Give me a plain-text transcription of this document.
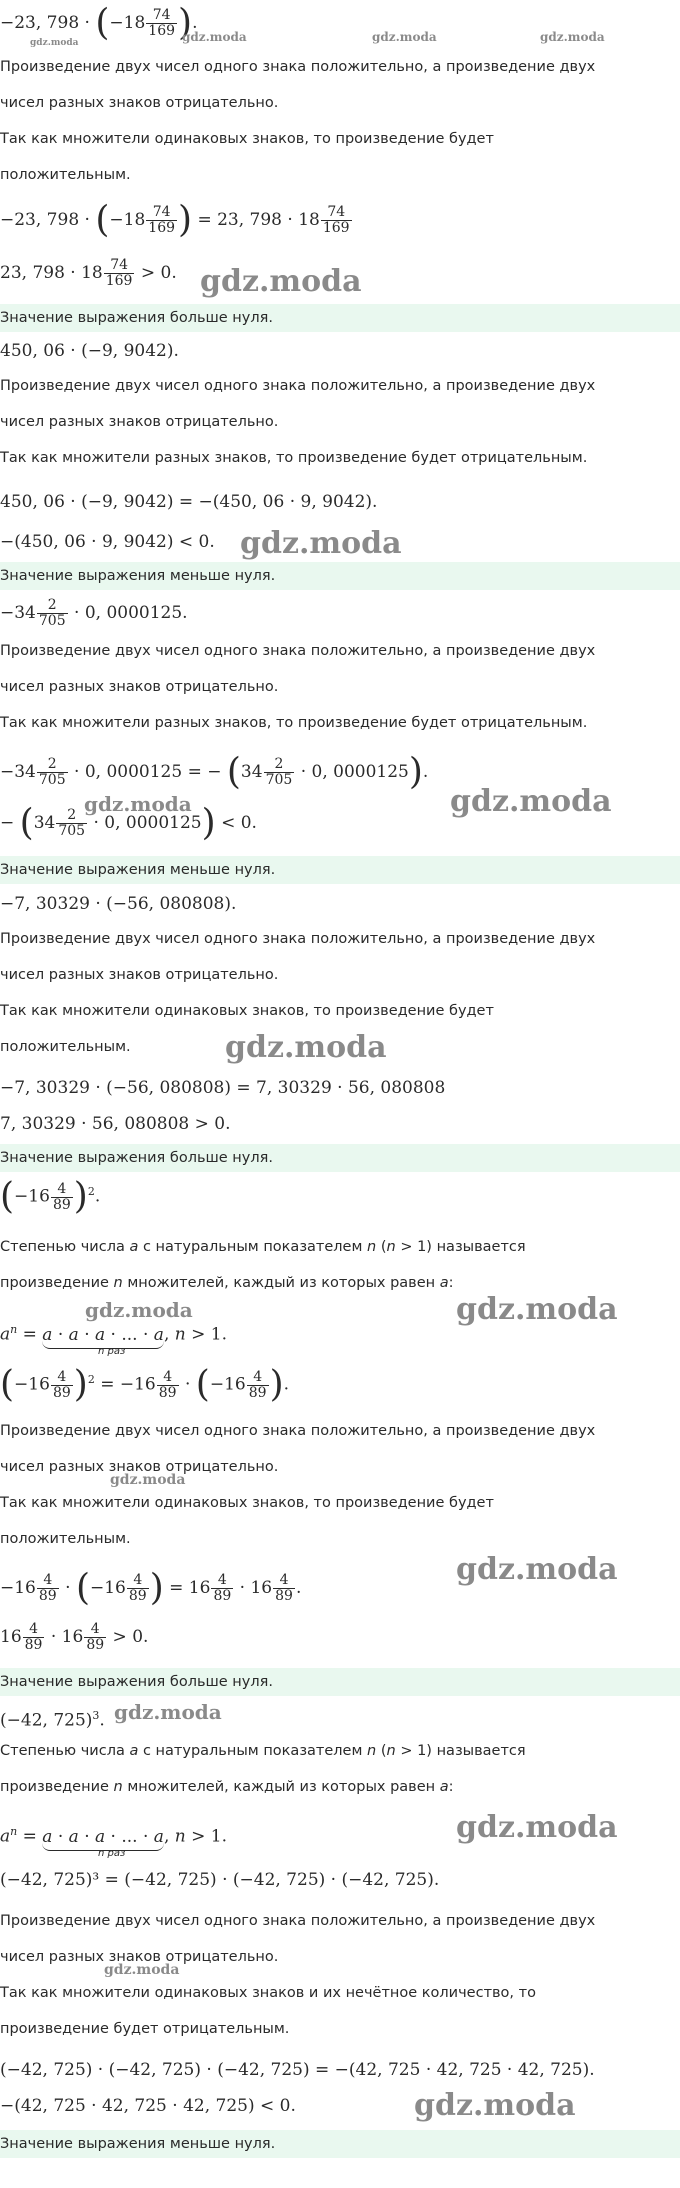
−23, $798 \cdot (-18 \frac{74}{169}$ ).
gdz.moda	gdz.moda	gdz.moda
gdz.moda
Произведение двух чисел одного знака положительно, а произведение двух
чисел разных знаков отрицательно.
Так как множители одинаковых знаков, то произведение будет
положительным.
−23, $798 \cdot (-18 \frac{74}{169}$ ) = 23, $798 \cdot 18 \frac{74}{169}$
23, $798 \cdot 18 \frac{74}{169} > 0$. gdz.moda
Значение выражения больше нуля.
450, 06 · (−9, 9042).
Произведение двух чисел одного знака положительно, а произведение двух
чисел разных знаков отрицательно.
Так как множители разных знаков, то произведение будет отрицательным.
450, 06 · (−9, 9042) = −(450, 06 · 9, 9042).
−(450, 06 · 9, 9042) < 0. gdz.moda
Значение выражения меньше нуля.
$-34 \frac{2}{705} \cdot 0$, 0000125.
Произведение двух чисел одного знака положительно, а произведение двух
чисел разных знаков отрицательно.
Так как множители разных знаков, то произведение будет отрицательным.
$-34 \frac{2}{705} \cdot 0$, 0000125 = − ($34 \frac{2}{705} \cdot 0$, 0000125).
− ($34 \frac{2}{705} \cdot 0$, 0000125) < 0.
gdz.moda	gdz.moda
Значение выражения меньше нуля.
−7, 30329 · (−56, 080808).
Произведение двух чисел одного знака положительно, а произведение двух
чисел разных знаков отрицательно.
Так как множители одинаковых знаков, то произведение будет
положительным.	gdz.moda
−7, 30329 · (−56, 080808) = 7, 30329 · 56, 080808
7, 30329 · 56, 080808 > 0.
Значение выражения больше нуля.
$(-16 \frac{4}{89} )^2$.
Степенью числа a с натуральным показателем n (n > 1) называется
произведение n множителей, каждый из которых равен a:
gdz.moda	gdz.moda
$a^n = a \cdot a \cdot a$ · ... · a, n > 1.
n раз
$(-16 \frac{4}{89} )^2 = -16 \frac{4}{89} \cdot (-16 \frac{4}{89}$ ).
Произведение двух чисел одного знака положительно, а произведение двух
чисел разных знаков отрицательно.
gdz.moda
Так как множители одинаковых знаков, то произведение будет
положительным.
$-16 \frac{4}{89} \cdot (-16 \frac{4}{89}$ ) = $16 \frac{4}{89} \cdot 16 \frac{4}{89}$ .
gdz.moda
$16 \frac{4}{89} \cdot 16 \frac{4}{89} > 0$.
Значение выражения больше нуля.
(−42, 725)$^3$. gdz.moda
Степенью числа a с натуральным показателем n (n > 1) называется
произведение n множителей, каждый из которых равен a:
$a^n = a \cdot a \cdot a$ · ... · a, n > 1.
n раз
gdz.moda
(−42, 725)³ = (−42, 725) · (−42, 725) · (−42, 725).
Произведение двух чисел одного знака положительно, а произведение двух
чисел разных знаков отрицательно.
gdz.moda
Так как множители одинаковых знаков и их нечётное количество, то
произведение будет отрицательным.
(−42, 725) · (−42, 725) · (−42, 725) = −(42, 725 · 42, 725 · 42, 725).
−(42, 725 · 42, 725 · 42, 725) < 0.	gdz.moda
Значение выражения меньше нуля.
